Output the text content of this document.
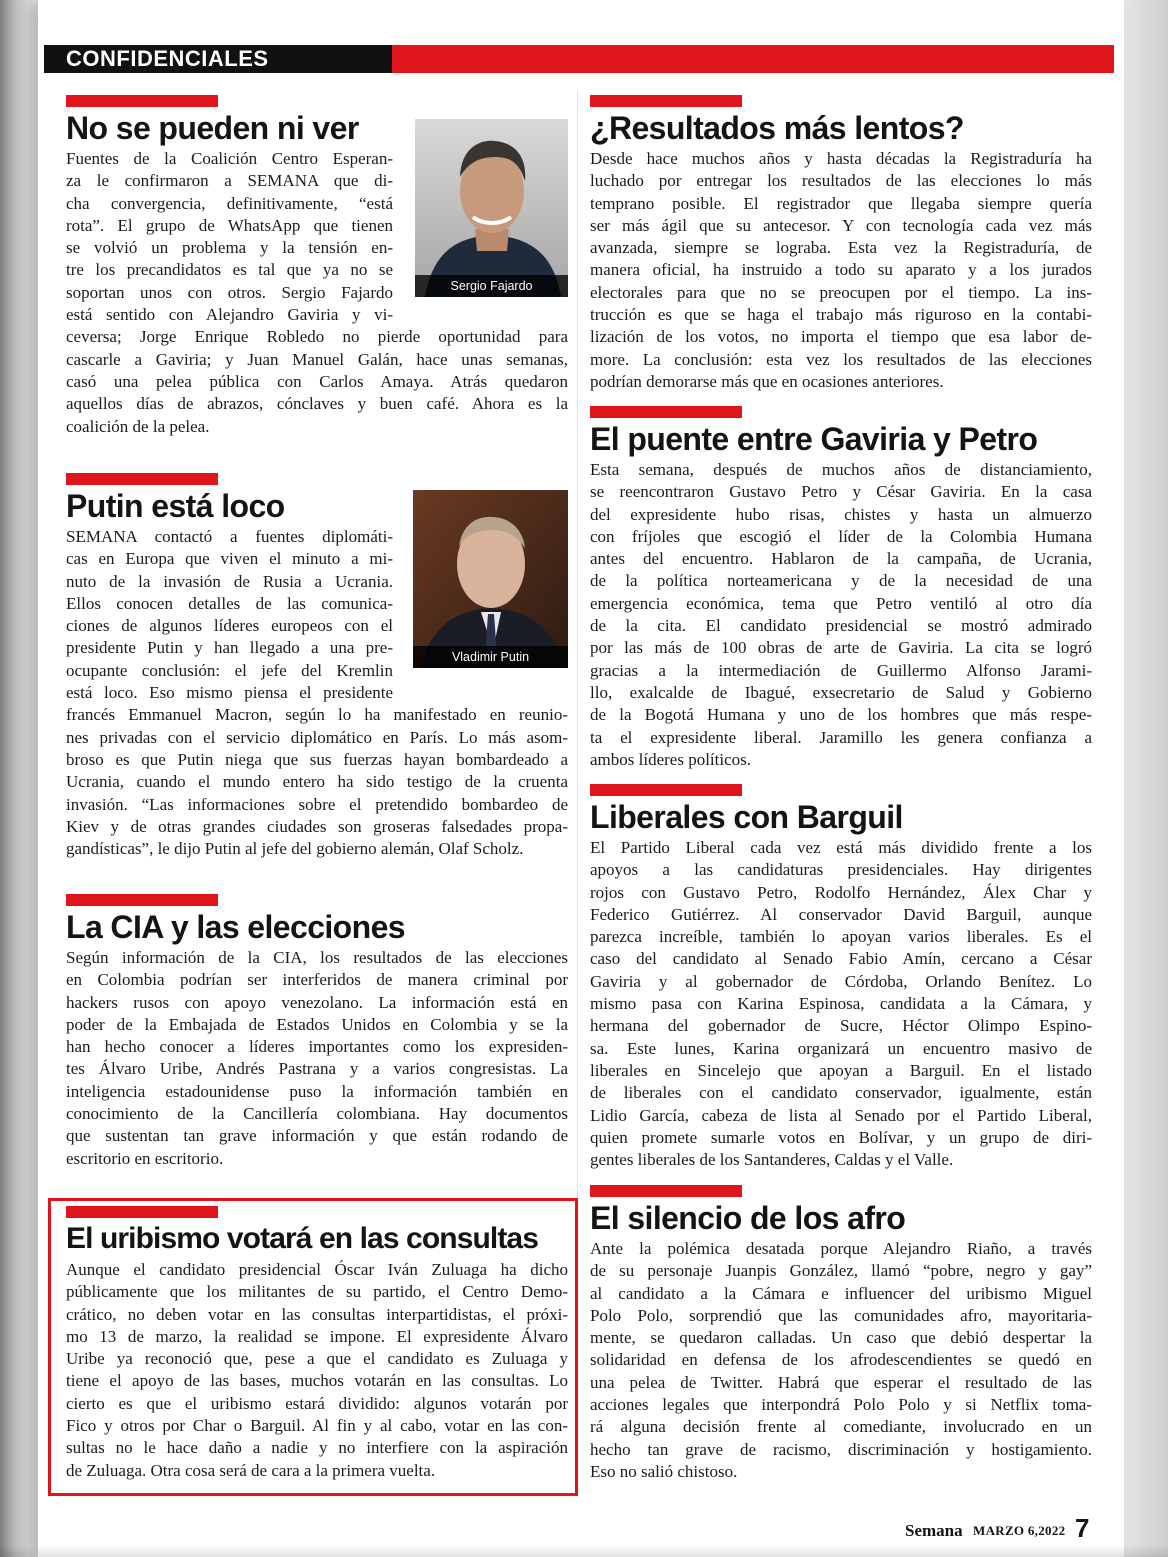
CONFIDENCIALES
No se pueden ni ver
Fuentes de la Coalición Centro Esperan-
za le confirmaron a SEMANA que di-
cha convergencia, definitivamente, “está
rota”. El grupo de WhatsApp que tienen
se volvió un problema y la tensión en-
tre los precandidatos es tal que ya no se
soportan unos con otros. Sergio Fajardo
está sentido con Alejandro Gaviria y vi-
ceversa; Jorge Enrique Robledo no pierde oportunidad para
cascarle a Gaviria; y Juan Manuel Galán, hace unas semanas,
casó una pelea pública con Carlos Amaya. Atrás quedaron
aquellos días de abrazos, cónclaves y buen café. Ahora es la
coalición de la pelea.
Sergio Fajardo
Putin está loco
SEMANA contactó a fuentes diplomáti-
cas en Europa que viven el minuto a mi-
nuto de la invasión de Rusia a Ucrania.
Ellos conocen detalles de las comunica-
ciones de algunos líderes europeos con el
presidente Putin y han llegado a una pre-
ocupante conclusión: el jefe del Kremlin
está loco. Eso mismo piensa el presidente
francés Emmanuel Macron, según lo ha manifestado en reunio-
nes privadas con el servicio diplomático en París. Lo más asom-
broso es que Putin niega que sus fuerzas hayan bombardeado a
Ucrania, cuando el mundo entero ha sido testigo de la cruenta
invasión. “Las informaciones sobre el pretendido bombardeo de
Kiev y de otras grandes ciudades son groseras falsedades propa-
gandísticas”, le dijo Putin al jefe del gobierno alemán, Olaf Scholz.
Vladimir Putin
La CIA y las elecciones
Según información de la CIA, los resultados de las elecciones
en Colombia podrían ser interferidos de manera criminal por
hackers rusos con apoyo venezolano. La información está en
poder de la Embajada de Estados Unidos en Colombia y se la
han hecho conocer a líderes importantes como los expresiden-
tes Álvaro Uribe, Andrés Pastrana y a varios congresistas. La
inteligencia estadounidense puso la información también en
conocimiento de la Cancillería colombiana. Hay documentos
que sustentan tan grave información y que están rodando de
escritorio en escritorio.
El uribismo votará en las consultas
Aunque el candidato presidencial Óscar Iván Zuluaga ha dicho
públicamente que los militantes de su partido, el Centro Demo-
crático, no deben votar en las consultas interpartidistas, el próxi-
mo 13 de marzo, la realidad se impone. El expresidente Álvaro
Uribe ya reconoció que, pese a que el candidato es Zuluaga y
tiene el apoyo de las bases, muchos votarán en las consultas. Lo
cierto es que el uribismo estará dividido: algunos votarán por
Fico y otros por Char o Barguil. Al fin y al cabo, votar en las con-
sultas no le hace daño a nadie y no interfiere con la aspiración
de Zuluaga. Otra cosa será de cara a la primera vuelta.
¿Resultados más lentos?
Desde hace muchos años y hasta décadas la Registraduría ha
luchado por entregar los resultados de las elecciones lo más
temprano posible. El registrador que llegaba siempre quería
ser más ágil que su antecesor. Y con tecnología cada vez más
avanzada, siempre se lograba. Esta vez la Registraduría, de
manera oficial, ha instruido a todo su aparato y a los jurados
electorales para que no se preocupen por el tiempo. La ins-
trucción es que se haga el trabajo más riguroso en la contabi-
lización de los votos, no importa el tiempo que esa labor de-
more. La conclusión: esta vez los resultados de las elecciones
podrían demorarse más que en ocasiones anteriores.
El puente entre Gaviria y Petro
Esta semana, después de muchos años de distanciamiento,
se reencontraron Gustavo Petro y César Gaviria. En la casa
del expresidente hubo risas, chistes y hasta un almuerzo
con fríjoles que escogió el líder de la Colombia Humana
antes del encuentro. Hablaron de la campaña, de Ucrania,
de la política norteamericana y de la necesidad de una
emergencia económica, tema que Petro ventiló al otro día
de la cita. El candidato presidencial se mostró admirado
por las más de 100 obras de arte de Gaviria. La cita se logró
gracias a la intermediación de Guillermo Alfonso Jarami-
llo, exalcalde de Ibagué, exsecretario de Salud y Gobierno
de la Bogotá Humana y uno de los hombres que más respe-
ta el expresidente liberal. Jaramillo les genera confianza a
ambos líderes políticos.
Liberales con Barguil
El Partido Liberal cada vez está más dividido frente a los
apoyos a las candidaturas presidenciales. Hay dirigentes
rojos con Gustavo Petro, Rodolfo Hernández, Álex Char y
Federico Gutiérrez. Al conservador David Barguil, aunque
parezca increíble, también lo apoyan varios liberales. Es el
caso del candidato al Senado Fabio Amín, cercano a César
Gaviria y al gobernador de Córdoba, Orlando Benítez. Lo
mismo pasa con Karina Espinosa, candidata a la Cámara, y
hermana del gobernador de Sucre, Héctor Olimpo Espino-
sa. Este lunes, Karina organizará un encuentro masivo de
liberales en Sincelejo que apoyan a Barguil. En el listado
de liberales con el candidato conservador, igualmente, están
Lidio García, cabeza de lista al Senado por el Partido Liberal,
quien promete sumarle votos en Bolívar, y un grupo de diri-
gentes liberales de los Santanderes, Caldas y el Valle.
El silencio de los afro
Ante la polémica desatada porque Alejandro Riaño, a través
de su personaje Juanpis González, llamó “pobre, negro y gay”
al candidato a la Cámara e influencer del uribismo Miguel
Polo Polo, sorprendió que las comunidades afro, mayoritaria-
mente, se quedaron calladas. Un caso que debió despertar la
solidaridad en defensa de los afrodescendientes se quedó en
una pelea de Twitter. Habrá que esperar el resultado de las
acciones legales que interpondrá Polo Polo y si Netflix toma-
rá alguna decisión frente al comediante, involucrado en un
hecho tan grave de racismo, discriminación y hostigamiento.
Eso no salió chistoso.
Semana MARZO 6,2022 7
